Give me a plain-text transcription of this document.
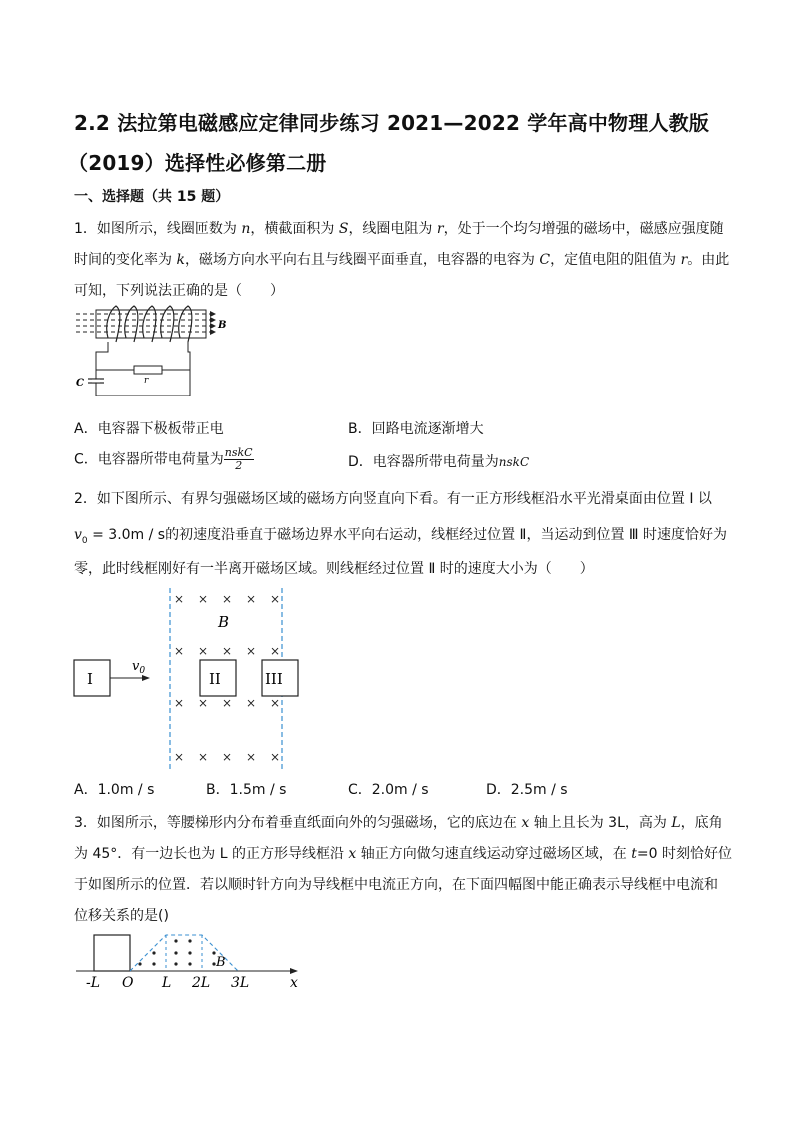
2.2 法拉第电磁感应定律同步练习 2021—2022 学年高中物理人教版
（2019）选择性必修第二册
一、选择题（共 15 题）
1．如图所示，线圈匝数为 n，横截面积为 S，线圈电阻为 r，处于一个均匀增强的磁场中，磁感应强度随
时间的变化率为 k，磁场方向水平向右且与线圈平面垂直，电容器的电容为 C，定值电阻的阻值为 r。由此
可知，下列说法正确的是（　　）
B
r
C
A．电容器下极板带正电	B．回路电流逐渐增大
C．电容器所带电荷量为 $\frac{\text{nskC}}{2}$	D．电容器所带电荷量为nskC
2．如下图所示、有界匀强磁场区域的磁场方向竖直向下看。有一正方形线框沿水平光滑桌面由位置 I 以
$v_0 = 3.0m / s$的初速度沿垂直于磁场边界水平向右运动，线框经过位置 Ⅱ，当运动到位置 Ⅲ 时速度恰好为
零，此时线框刚好有一半离开磁场区域。则线框经过位置 Ⅱ 时的速度大小为（　　）
× × × × ×
× × × × ×
× × × × ×
× × × × ×
B
I	II	III
$v_0$
A．1.0m / s	B．1.5m / s	C．2.0m / s	D．2.5m / s
3．如图所示，等腰梯形内分布着垂直纸面向外的匀强磁场，它的底边在 x 轴上且长为 3L，高为 L，底角
为 45°．有一边长也为 L 的正方形导线框沿 x 轴正方向做匀速直线运动穿过磁场区域，在 t=0 时刻恰好位
于如图所示的位置．若以顺时针方向为导线框中电流正方向，在下面四幅图中能正确表示导线框中电流和
位移关系的是()
B
-L O L 2L 3L	x
